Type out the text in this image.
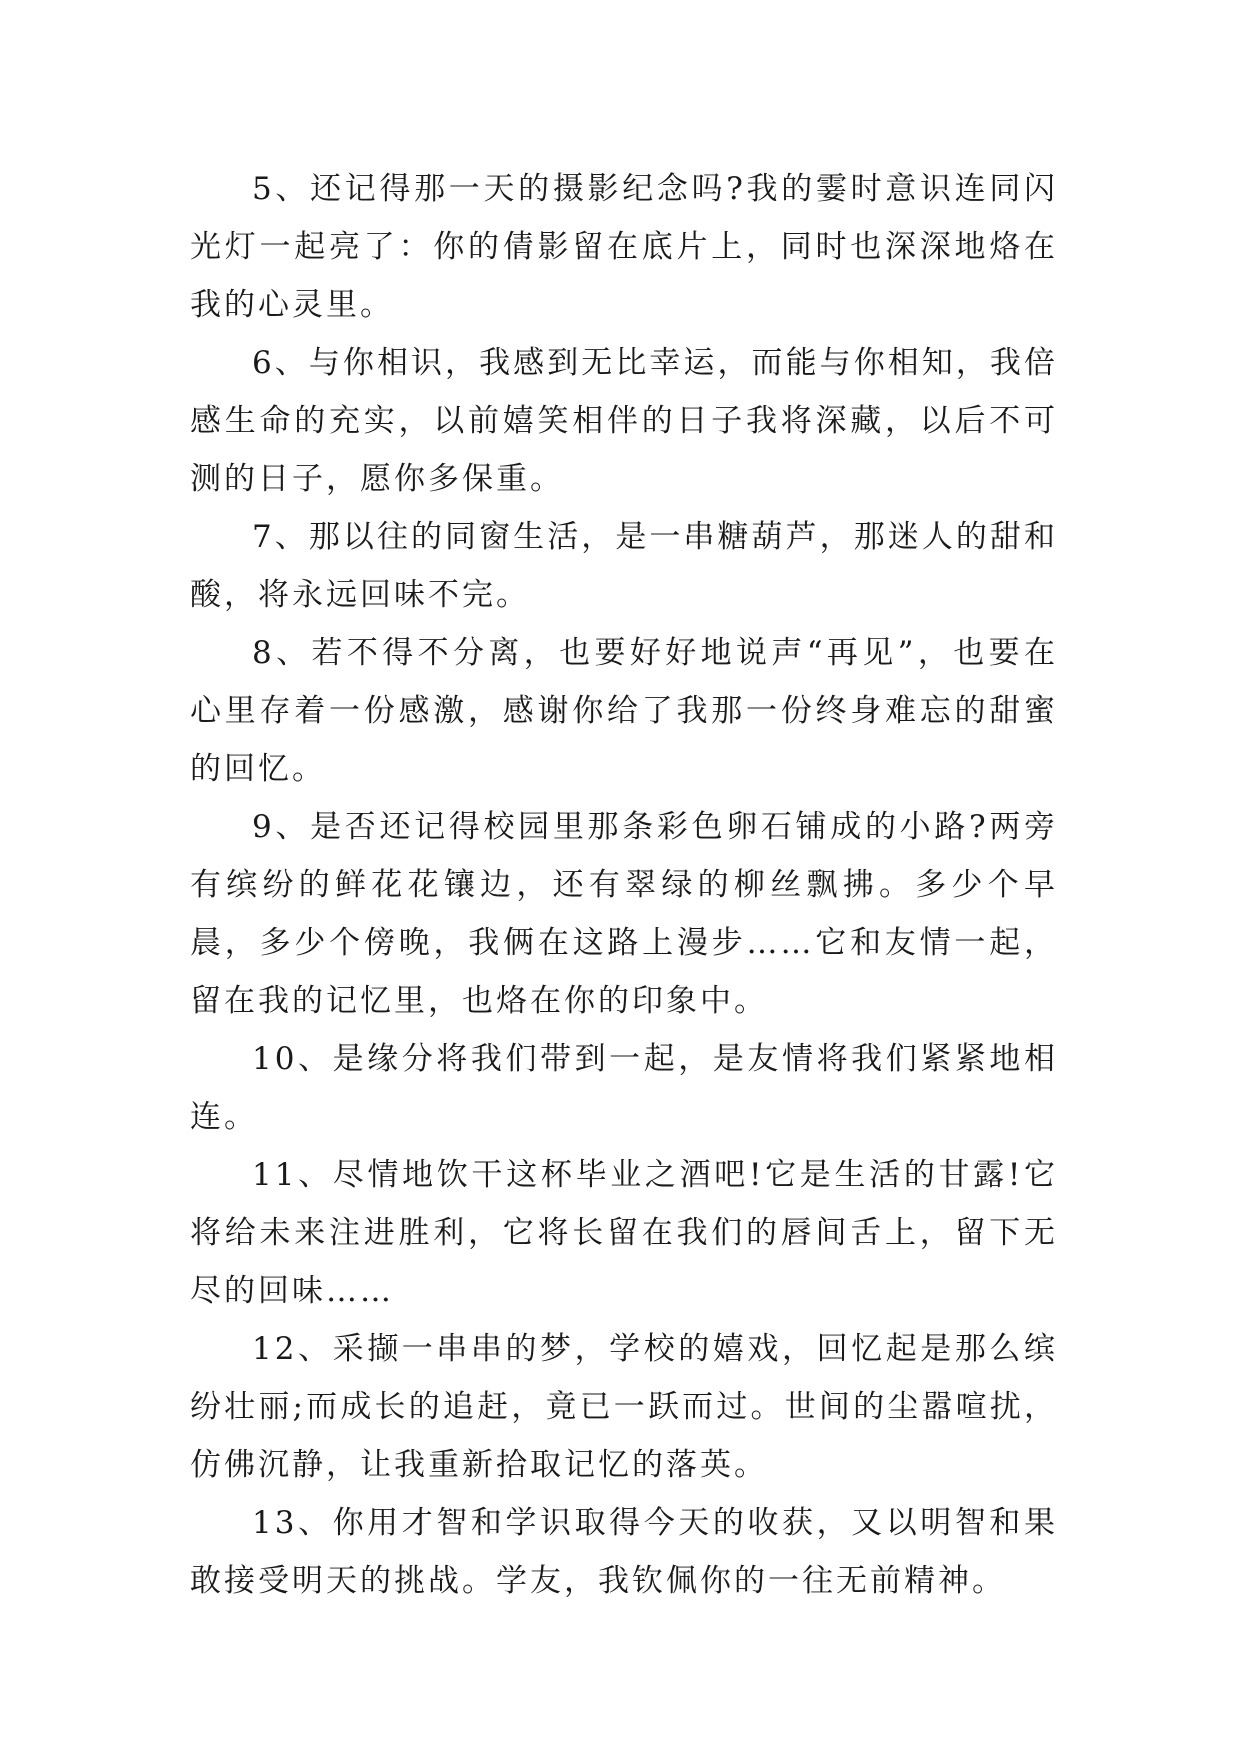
5、还记得那一天的摄影纪念吗?我的霎时意识连同闪光灯一起亮了：你的倩影留在底片上，同时也深深地烙在我的心灵里。

6、与你相识，我感到无比幸运，而能与你相知，我倍感生命的充实，以前嬉笑相伴的日子我将深藏，以后不可测的日子，愿你多保重。

7、那以往的同窗生活，是一串糖葫芦，那迷人的甜和酸，将永远回味不完。

8、若不得不分离，也要好好地说声“再见”，也要在心里存着一份感激，感谢你给了我那一份终身难忘的甜蜜的回忆。

9、是否还记得校园里那条彩色卵石铺成的小路?两旁有缤纷的鲜花花镶边，还有翠绿的柳丝飘拂。多少个早晨，多少个傍晚，我俩在这路上漫步……它和友情一起，留在我的记忆里，也烙在你的印象中。

10、是缘分将我们带到一起，是友情将我们紧紧地相连。

11、尽情地饮干这杯毕业之酒吧!它是生活的甘露!它将给未来注进胜利，它将长留在我们的唇间舌上，留下无尽的回味……

12、采撷一串串的梦，学校的嬉戏，回忆起是那么缤纷壮丽;而成长的追赶，竟已一跃而过。世间的尘嚣喧扰，仿佛沉静，让我重新拾取记忆的落英。

13、你用才智和学识取得今天的收获，又以明智和果敢接受明天的挑战。学友，我钦佩你的一往无前精神。
